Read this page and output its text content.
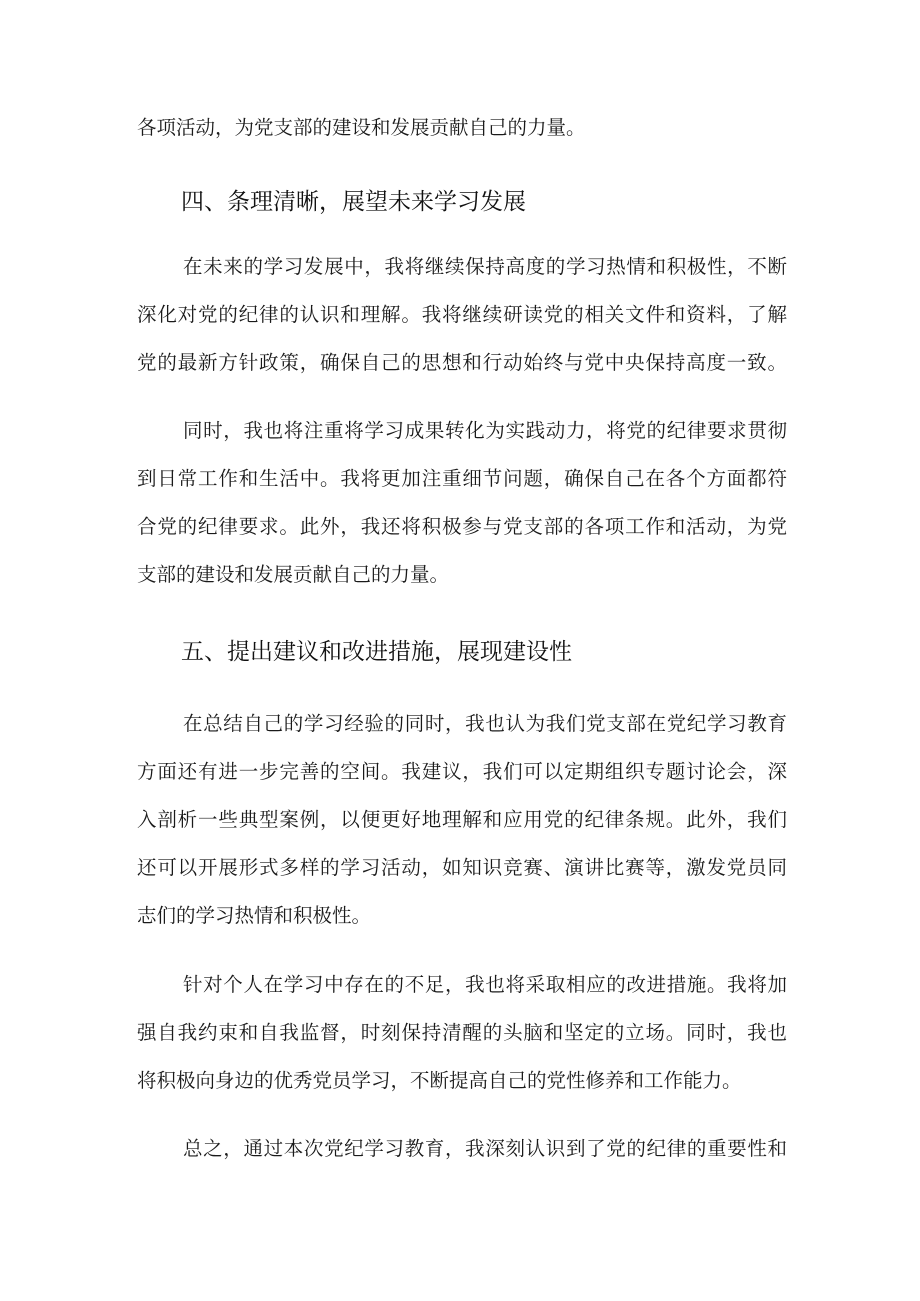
各项活动，为党支部的建设和发展贡献自己的力量。
四、条理清晰，展望未来学习发展
在未来的学习发展中，我将继续保持高度的学习热情和积极性，不断
深化对党的纪律的认识和理解。我将继续研读党的相关文件和资料，了解
党的最新方针政策，确保自己的思想和行动始终与党中央保持高度一致。
同时，我也将注重将学习成果转化为实践动力，将党的纪律要求贯彻
到日常工作和生活中。我将更加注重细节问题，确保自己在各个方面都符
合党的纪律要求。此外，我还将积极参与党支部的各项工作和活动，为党
支部的建设和发展贡献自己的力量。
五、提出建议和改进措施，展现建设性
在总结自己的学习经验的同时，我也认为我们党支部在党纪学习教育
方面还有进一步完善的空间。我建议，我们可以定期组织专题讨论会，深
入剖析一些典型案例，以便更好地理解和应用党的纪律条规。此外，我们
还可以开展形式多样的学习活动，如知识竞赛、演讲比赛等，激发党员同
志们的学习热情和积极性。
针对个人在学习中存在的不足，我也将采取相应的改进措施。我将加
强自我约束和自我监督，时刻保持清醒的头脑和坚定的立场。同时，我也
将积极向身边的优秀党员学习，不断提高自己的党性修养和工作能力。
总之，通过本次党纪学习教育，我深刻认识到了党的纪律的重要性和
